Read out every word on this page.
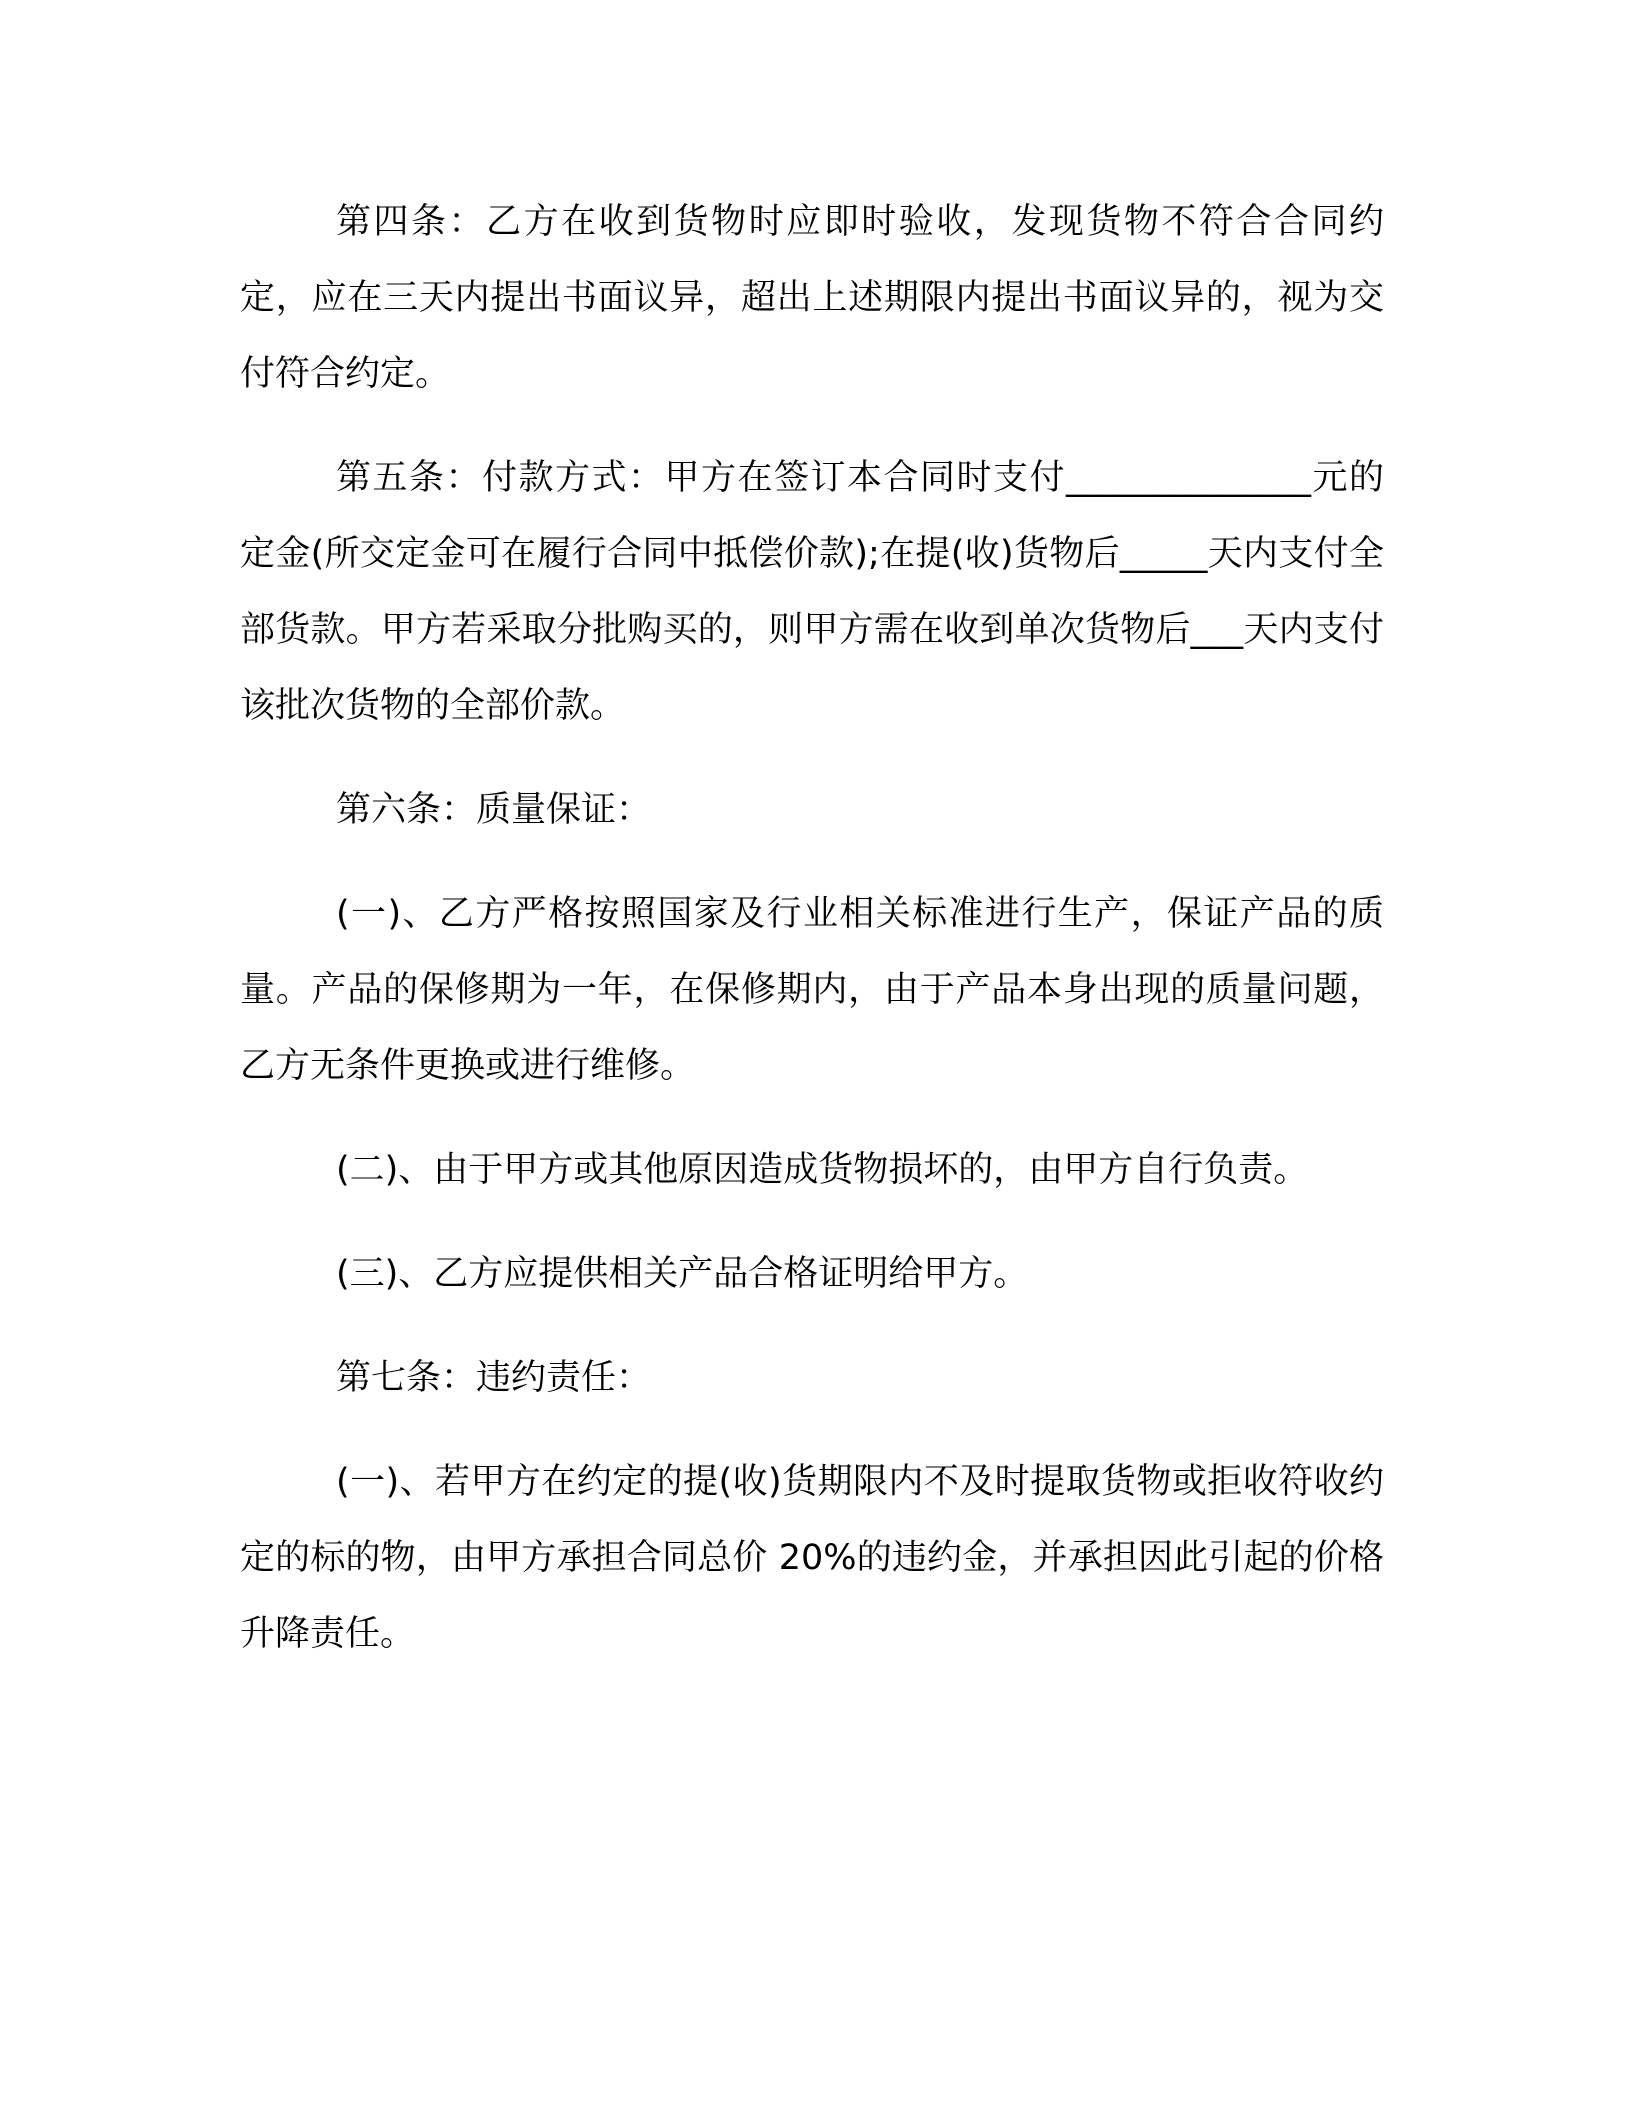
第四条：乙方在收到货物时应即时验收，发现货物不符合合同约定，应在三天内提出书面议异，超出上述期限内提出书面议异的，视为交付符合约定。

第五条：付款方式：甲方在签订本合同时支付______________元的定金(所交定金可在履行合同中抵偿价款);在提(收)货物后_____天内支付全部货款。甲方若采取分批购买的，则甲方需在收到单次货物后___天内支付该批次货物的全部价款。

第六条：质量保证：

(一)、乙方严格按照国家及行业相关标准进行生产，保证产品的质量。产品的保修期为一年，在保修期内，由于产品本身出现的质量问题，乙方无条件更换或进行维修。

(二)、由于甲方或其他原因造成货物损坏的，由甲方自行负责。

(三)、乙方应提供相关产品合格证明给甲方。

第七条：违约责任：

(一)、若甲方在约定的提(收)货期限内不及时提取货物或拒收符收约定的标的物，由甲方承担合同总价 20%的违约金，并承担因此引起的价格升降责任。
